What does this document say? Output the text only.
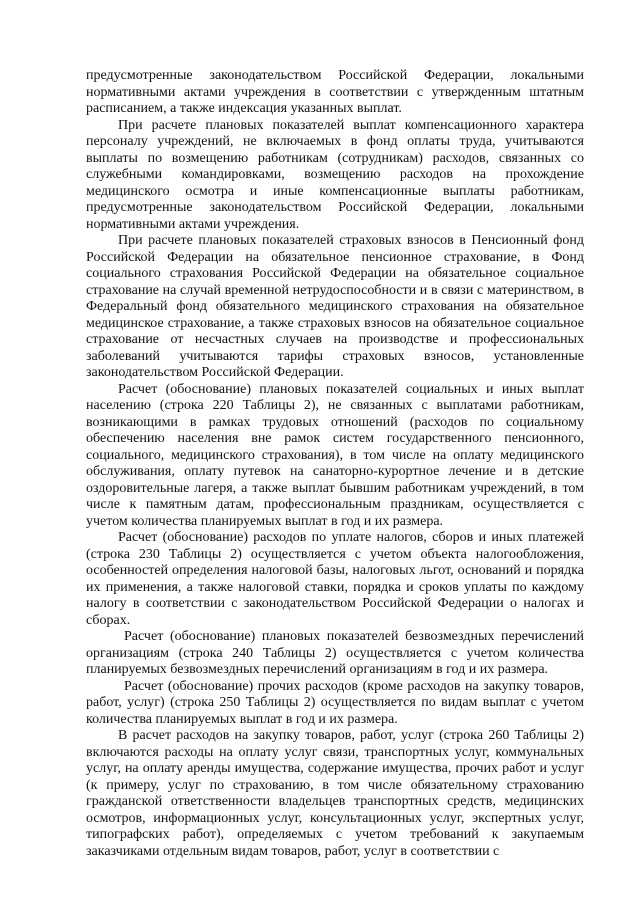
предусмотренные законодательством Российской Федерации, локальными нормативными актами учреждения в соответствии с утвержденным штатным расписанием, а также индексация указанных выплат.

При расчете плановых показателей выплат компенсационного характера персоналу учреждений, не включаемых в фонд оплаты труда, учитываются выплаты по возмещению работникам (сотрудникам) расходов, связанных со служебными командировками, возмещению расходов на прохождение медицинского осмотра и иные компенсационные выплаты работникам, предусмотренные законодательством Российской Федерации, локальными нормативными актами учреждения.

При расчете плановых показателей страховых взносов в Пенсионный фонд Российской Федерации на обязательное пенсионное страхование, в Фонд социального страхования Российской Федерации на обязательное социальное страхование на случай временной нетрудоспособности и в связи с материнством, в Федеральный фонд обязательного медицинского страхования на обязательное медицинское страхование, а также страховых взносов на обязательное социальное страхование от несчастных случаев на производстве и профессиональных заболеваний учитываются тарифы страховых взносов, установленные законодательством Российской Федерации.

Расчет (обоснование) плановых показателей социальных и иных выплат населению (строка 220 Таблицы 2), не связанных с выплатами работникам, возникающими в рамках трудовых отношений (расходов по социальному обеспечению населения вне рамок систем государственного пенсионного, социального, медицинского страхования), в том числе на оплату медицинского обслуживания, оплату путевок на санаторно-курортное лечение и в детские оздоровительные лагеря, а также выплат бывшим работникам учреждений, в том числе к памятным датам, профессиональным праздникам, осуществляется с учетом количества планируемых выплат в год и их размера.

Расчет (обоснование) расходов по уплате налогов, сборов и иных платежей (строка 230 Таблицы 2) осуществляется с учетом объекта налогообложения, особенностей определения налоговой базы, налоговых льгот, оснований и порядка их применения, а также налоговой ставки, порядка и сроков уплаты по каждому налогу в соответствии с законодательством Российской Федерации о налогах и сборах.

Расчет (обоснование) плановых показателей безвозмездных перечислений организациям (строка 240 Таблицы 2) осуществляется с учетом количества планируемых безвозмездных перечислений организациям в год и их размера.

Расчет (обоснование) прочих расходов (кроме расходов на закупку товаров, работ, услуг) (строка 250 Таблицы 2) осуществляется по видам выплат с учетом количества планируемых выплат в год и их размера.

В расчет расходов на закупку товаров, работ, услуг (строка 260 Таблицы 2) включаются расходы на оплату услуг связи, транспортных услуг, коммунальных услуг, на оплату аренды имущества, содержание имущества, прочих работ и услуг (к примеру, услуг по страхованию, в том числе обязательному страхованию гражданской ответственности владельцев транспортных средств, медицинских осмотров, информационных услуг, консультационных услуг, экспертных услуг, типографских работ), определяемых с учетом требований к закупаемым заказчиками отдельным видам товаров, работ, услуг в соответствии с
